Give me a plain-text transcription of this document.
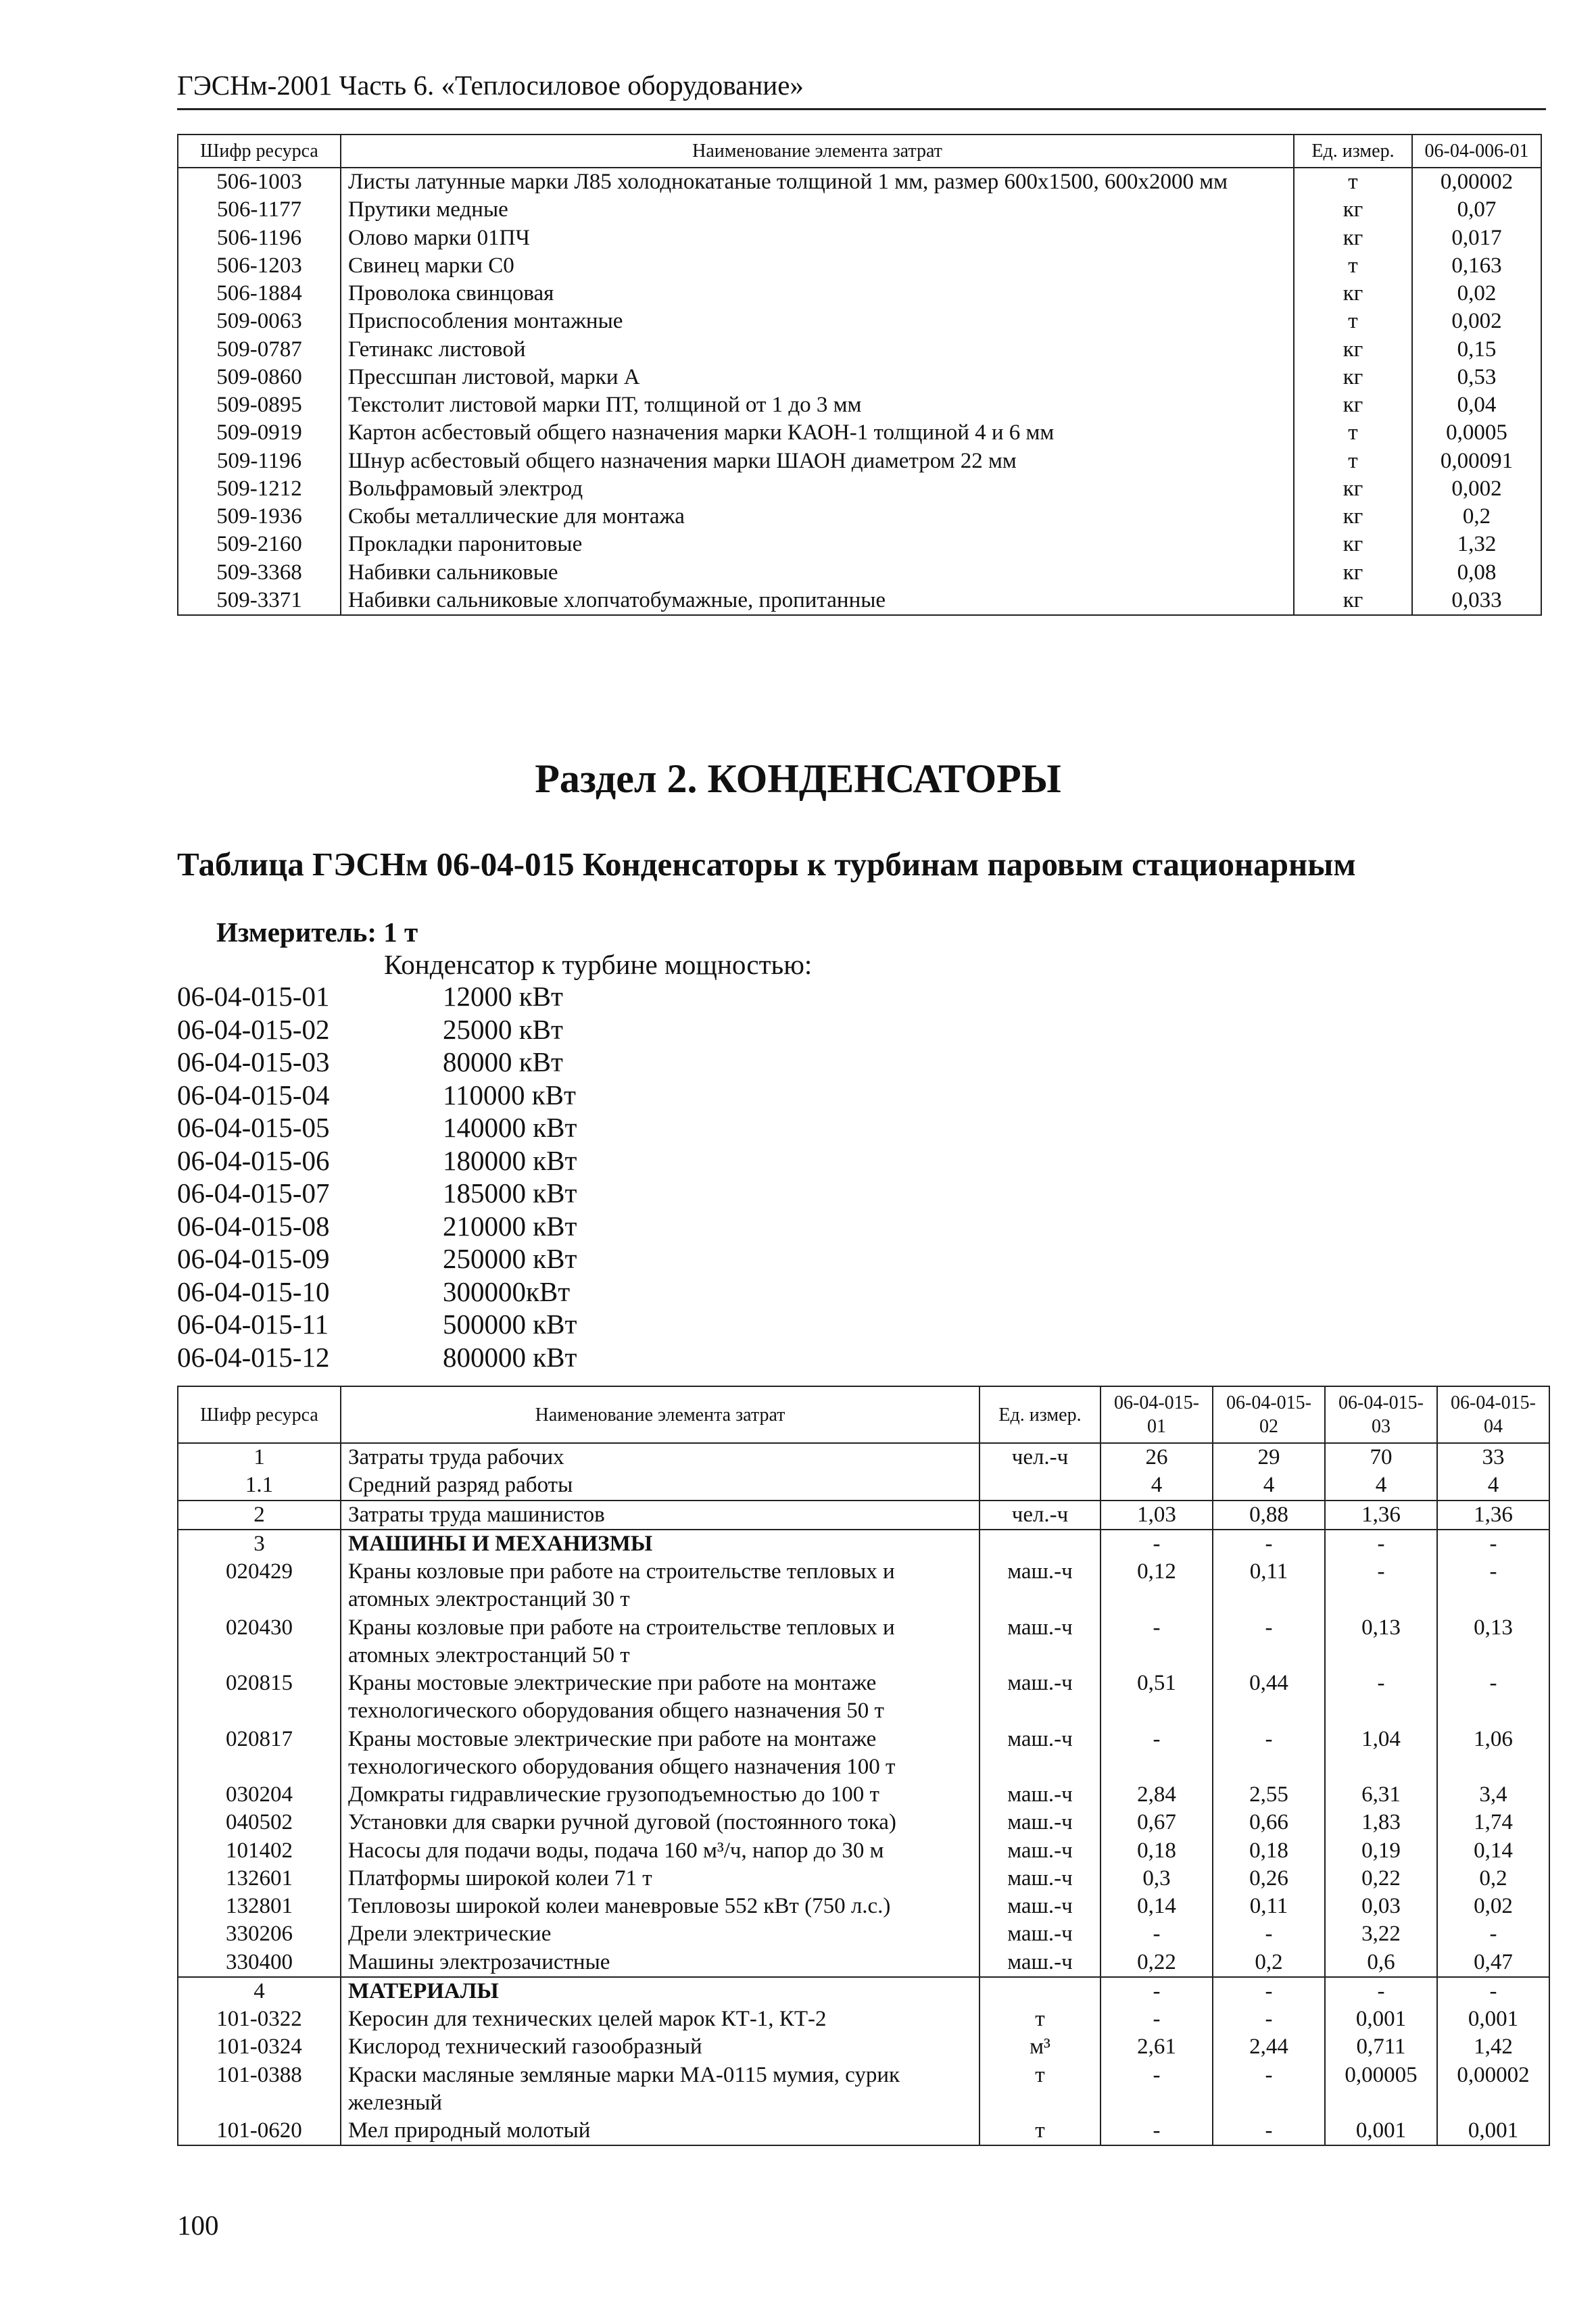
ГЭСНм-2001 Часть 6. «Теплосиловое оборудование»
Шифр ресурса	Наименование элемента затрат	Ед. измер.	06-04-006-01
506-1003	Листы латунные марки Л85 холоднокатаные толщиной 1 мм, размер 600х1500, 600х2000 мм	т	0,00002
506-1177	Прутики медные	кг	0,07
506-1196	Олово марки 01ПЧ	кг	0,017
506-1203	Свинец марки С0	т	0,163
506-1884	Проволока свинцовая	кг	0,02
509-0063	Приспособления монтажные	т	0,002
509-0787	Гетинакс листовой	кг	0,15
509-0860	Прессшпан листовой, марки А	кг	0,53
509-0895	Текстолит листовой марки ПТ, толщиной от 1 до 3 мм	кг	0,04
509-0919	Картон асбестовый общего назначения марки КАОН-1 толщиной 4 и 6 мм	т	0,0005
509-1196	Шнур асбестовый общего назначения марки ШАОН диаметром 22 мм	т	0,00091
509-1212	Вольфрамовый электрод	кг	0,002
509-1936	Скобы металлические для монтажа	кг	0,2
509-2160	Прокладки паронитовые	кг	1,32
509-3368	Набивки сальниковые	кг	0,08
509-3371	Набивки сальниковые хлопчатобумажные, пропитанные	кг	0,033
Раздел 2. КОНДЕНСАТОРЫ
Таблица ГЭСНм 06-04-015 Конденсаторы к турбинам паровым стационарным
Измеритель: 1 т
Конденсатор к турбине мощностью:
06-04-015-01	12000 кВт
06-04-015-02	25000 кВт
06-04-015-03	80000 кВт
06-04-015-04	110000 кВт
06-04-015-05	140000 кВт
06-04-015-06	180000 кВт
06-04-015-07	185000 кВт
06-04-015-08	210000 кВт
06-04-015-09	250000 кВт
06-04-015-10	300000кВт
06-04-015-11	500000 кВт
06-04-015-12	800000 кВт
Шифр ресурса	Наименование элемента затрат	Ед. измер.	06-04-015-01	06-04-015-02	06-04-015-03	06-04-015-04
1	Затраты труда рабочих	чел.-ч	26	29	70	33
1.1	Средний разряд работы		4	4	4	4
2	Затраты труда машинистов	чел.-ч	1,03	0,88	1,36	1,36
3	МАШИНЫ И МЕХАНИЗМЫ		-	-	-	-
020429	Краны козловые при работе на строительстве тепловых и атомных электростанций 30 т	маш.-ч	0,12	0,11	-	-
020430	Краны козловые при работе на строительстве тепловых и атомных электростанций 50 т	маш.-ч	-	-	0,13	0,13
020815	Краны мостовые электрические при работе на монтаже технологического оборудования общего назначения 50 т	маш.-ч	0,51	0,44	-	-
020817	Краны мостовые электрические при работе на монтаже технологического оборудования общего назначения 100 т	маш.-ч	-	-	1,04	1,06
030204	Домкраты гидравлические грузоподъемностью до 100 т	маш.-ч	2,84	2,55	6,31	3,4
040502	Установки для сварки ручной дуговой (постоянного тока)	маш.-ч	0,67	0,66	1,83	1,74
101402	Насосы для подачи воды, подача 160 м³/ч, напор до 30 м	маш.-ч	0,18	0,18	0,19	0,14
132601	Платформы широкой колеи 71 т	маш.-ч	0,3	0,26	0,22	0,2
132801	Тепловозы широкой колеи маневровые 552 кВт (750 л.с.)	маш.-ч	0,14	0,11	0,03	0,02
330206	Дрели электрические	маш.-ч	-	-	3,22	-
330400	Машины электрозачистные	маш.-ч	0,22	0,2	0,6	0,47
4	МАТЕРИАЛЫ		-	-	-	-
101-0322	Керосин для технических целей марок КТ-1, КТ-2	т	-	-	0,001	0,001
101-0324	Кислород технический газообразный	м³	2,61	2,44	0,711	1,42
101-0388	Краски масляные земляные марки МА-0115 мумия, сурик железный	т	-	-	0,00005	0,00002
101-0620	Мел природный молотый	т	-	-	0,001	0,001
100
